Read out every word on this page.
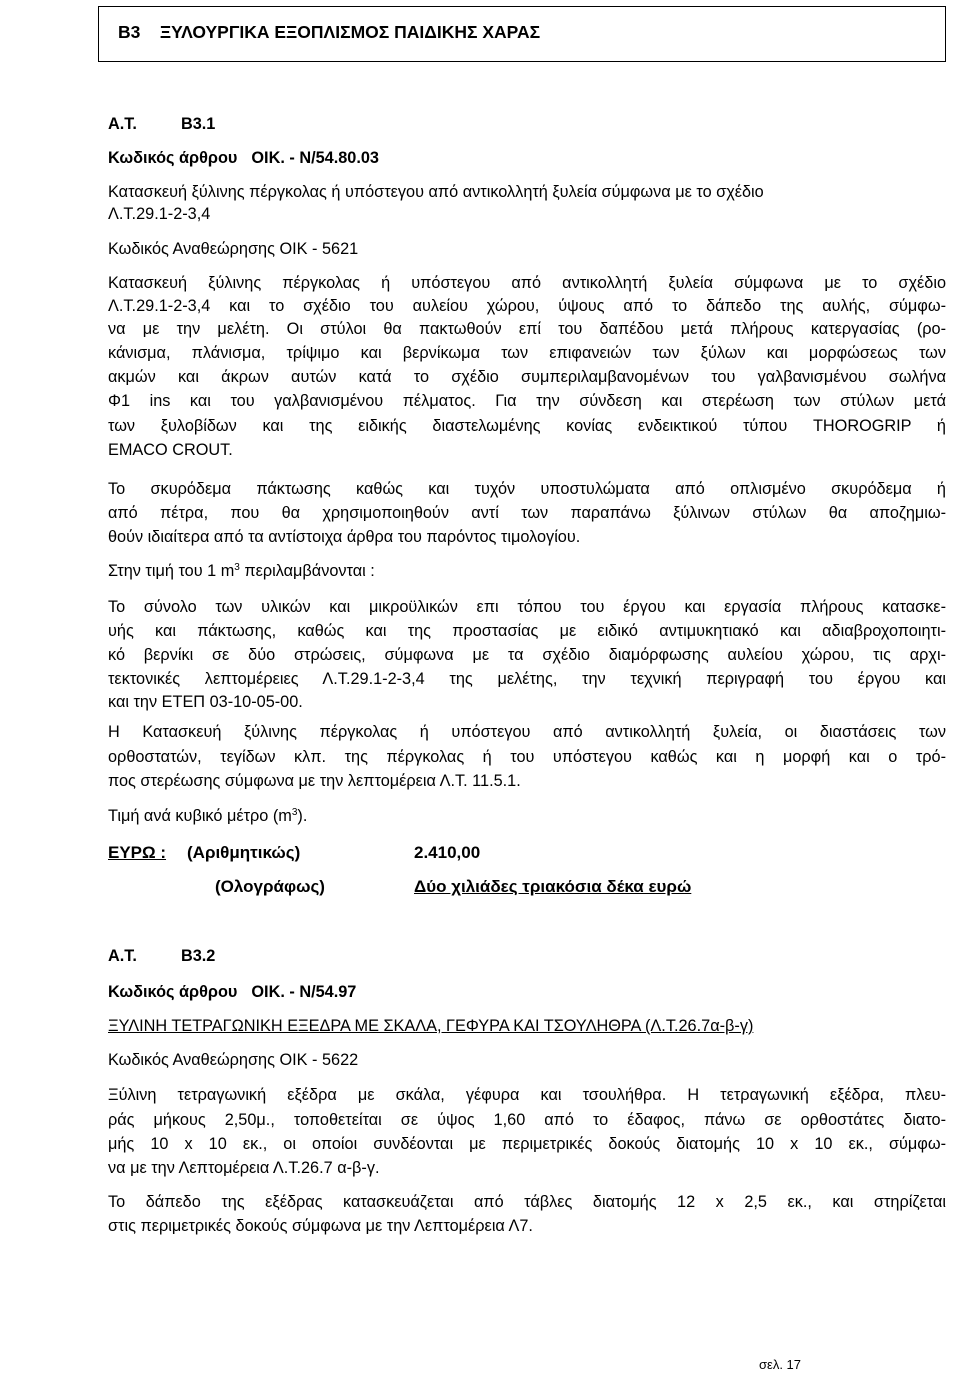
B3    ΞΥΛΟΥΡΓΙΚΑ ΕΞΟΠΛΙΣΜΟΣ ΠΑΙΔΙΚΗΣ ΧΑΡΑΣ
Α.Τ.	Β3.1
Κωδικός άρθρου ΟΙΚ. - Ν/54.80.03
Κατασκευή ξύλινης πέργκολας ή υπόστεγου από αντικολλητή ξυλεία σύμφωνα με το σχέδιο
Λ.Τ.29.1-2-3,4
Κωδικός Αναθεώρησης ΟΙΚ - 5621
Κατασκευή ξύλινης πέργκολας ή υπόστεγου από αντικολλητή ξυλεία σύμφωνα με το σχέδιο
Λ.Τ.29.1-2-3,4 και το σχέδιο του αυλείου χώρου, ύψους από το δάπεδο της αυλής, σύμφω-
να με την μελέτη. Οι στύλοι θα πακτωθούν επί του δαπέδου μετά πλήρους κατεργασίας (ρο-
κάνισμα, πλάνισμα, τρίψιμο και βερνίκωμα των επιφανειών των ξύλων και μορφώσεως των
ακμών και άκρων αυτών κατά το σχέδιο συμπεριλαμβανομένων του γαλβανισμένου σωλήνα
Φ1 ins και του γαλβανισμένου πέλματος. Για την σύνδεση και στερέωση των στύλων μετά
των ξυλοβίδων και της ειδικής διαστελωμένης κονίας ενδεικτικού τύπου THOROGRIP ή
EMACO CROUT.
Το σκυρόδεμα πάκτωσης καθώς και τυχόν υποστυλώματα από οπλισμένο σκυρόδεμα ή
από πέτρα, που θα χρησιμοποιηθούν αντί των παραπάνω ξύλινων στύλων θα αποζημιω-
θούν ιδιαίτερα από τα αντίστοιχα άρθρα του παρόντος τιμολογίου.
Στην τιμή του 1 $m^3$ περιλαμβάνονται :
Το σύνολο των υλικών και μικροϋλικών επι τόπου του έργου και εργασία πλήρους κατασκε-
υής και πάκτωσης, καθώς και της προστασίας με ειδικό αντιμυκητιακό και αδιαβροχοποιητι-
κό βερνίκι σε δύο στρώσεις, σύμφωνα με τα σχέδιο διαμόρφωσης αυλείου χώρου, τις αρχι-
τεκτονικές λεπτομέρειες Λ.Τ.29.1-2-3,4 της μελέτης, την τεχνική περιγραφή του έργου και
και την ΕΤΕΠ 03-10-05-00.
Η Κατασκευή ξύλινης πέργκολας ή υπόστεγου από αντικολλητή ξυλεία, οι διαστάσεις των
ορθοστατών, τεγίδων κλπ. της πέργκολας ή του υπόστεγου καθώς και η μορφή και ο τρό-
πος στερέωσης σύμφωνα με την λεπτομέρεια Λ.Τ. 11.5.1.
Τιμή ανά κυβικό μέτρο $(m^3)$.
ΕΥΡΩ : (Αριθμητικώς)	2.410,00
(Ολογράφως)	Δύο χιλιάδες τριακόσια δέκα ευρώ
Α.Τ.	Β3.2
Κωδικός άρθρου ΟΙΚ. - Ν/54.97
ΞΥΛΙΝΗ ΤΕΤΡΑΓΩΝΙΚΗ ΕΞΕΔΡΑ ΜΕ ΣΚΑΛΑ, ΓΕΦΥΡΑ ΚΑΙ ΤΣΟΥΛΗΘΡΑ (Λ.Τ.26.7α-β-γ)
Κωδικός Αναθεώρησης ΟΙΚ - 5622
Ξύλινη τετραγωνική εξέδρα με σκάλα, γέφυρα και τσουλήθρα. Η τετραγωνική εξέδρα, πλευ-
ράς μήκους 2,50μ., τοποθετείται σε ύψος 1,60 από το έδαφος, πάνω σε ορθοστάτες διατο-
μής 10 x 10 εκ., οι οποίοι συνδέονται με περιμετρικές δοκούς διατομής 10 x 10 εκ., σύμφω-
να με την Λεπτομέρεια Λ.Τ.26.7 α-β-γ.
Το δάπεδο της εξέδρας κατασκευάζεται από τάβλες διατομής 12 x 2,5 εκ., και στηρίζεται
στις περιμετρικές δοκούς σύμφωνα με την Λεπτομέρεια Λ7.
σελ. 17
